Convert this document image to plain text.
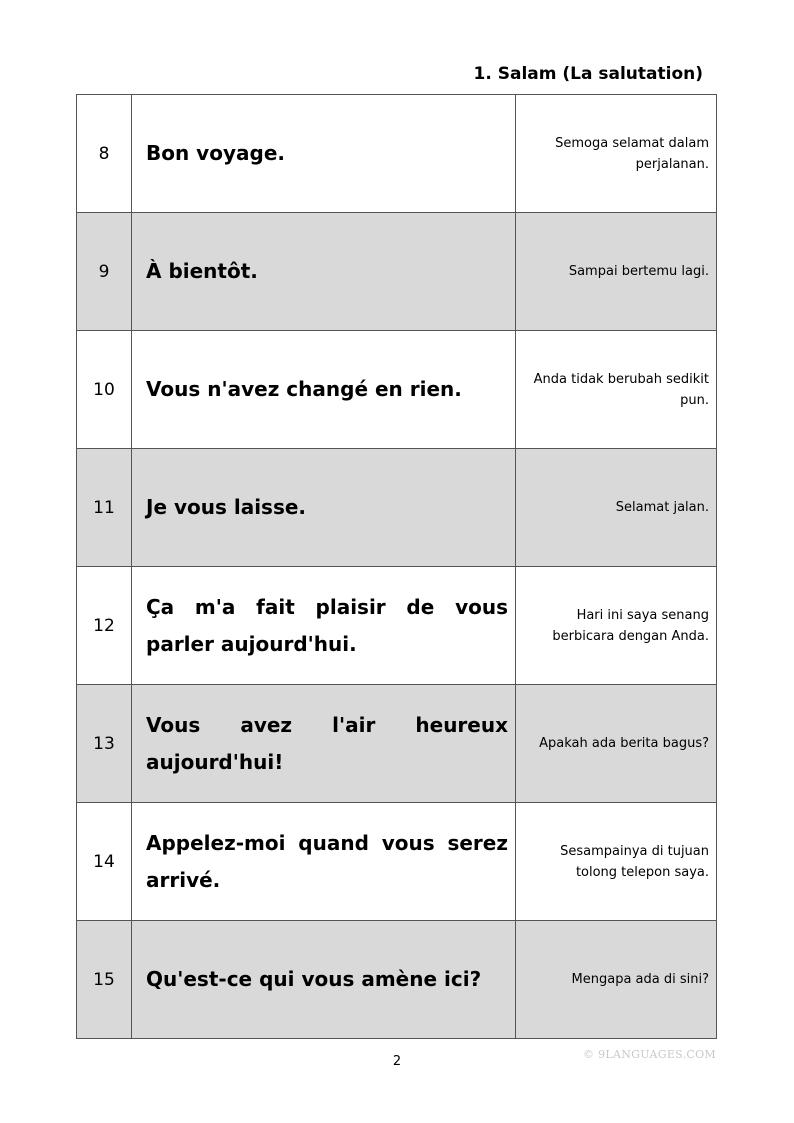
1. Salam (La salutation)
8	Bon voyage.	Semoga selamat dalam perjalanan.
9	À bientôt.	Sampai bertemu lagi.
10	Vous n'avez changé en rien.	Anda tidak berubah sedikit pun.
11	Je vous laisse.	Selamat jalan.
12	Ça m'a fait plaisir de vous parler aujourd'hui.	Hari ini saya senang berbicara dengan Anda.
13	Vous avez l'air heureux aujourd'hui!	Apakah ada berita bagus?
14	Appelez-moi quand vous serez arrivé.	Sesampainya di tujuan tolong telepon saya.
15	Qu'est-ce qui vous amène ici?	Mengapa ada di sini?
2	© 9LANGUAGES.COM
